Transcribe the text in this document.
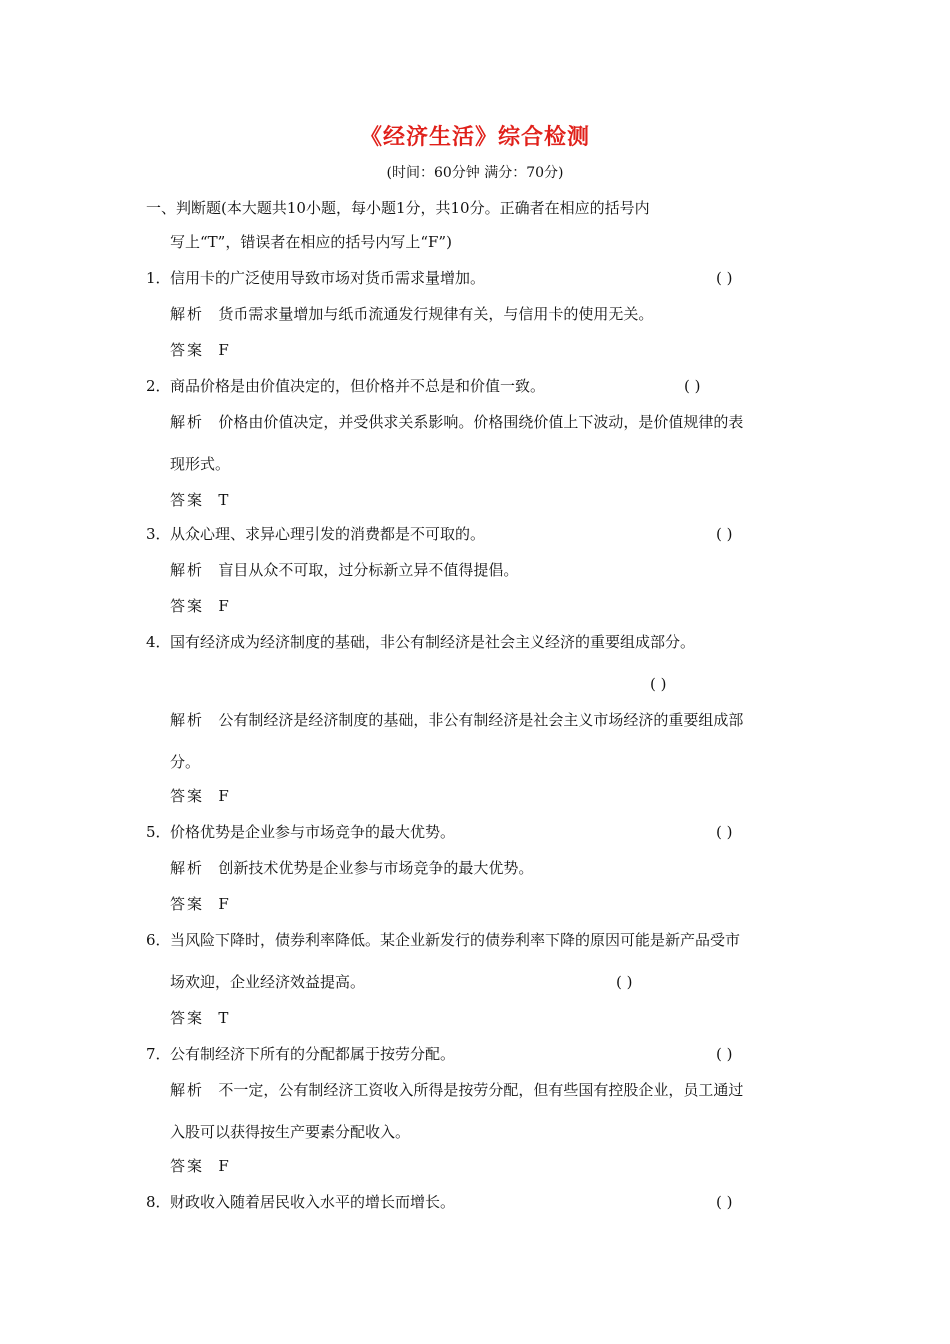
《经济生活》综合检测
(时间：60分钟 满分：70分)
一、判断题(本大题共10小题，每小题1分，共10分。正确者在相应的括号内
写上“T”，错误者在相应的括号内写上“F”)
1． 信用卡的广泛使用导致市场对货币需求量增加。	( )
解析 货币需求量增加与纸币流通发行规律有关，与信用卡的使用无关。
答案 F
2． 商品价格是由价值决定的，但价格并不总是和价值一致。	( )
解析 价格由价值决定，并受供求关系影响。价格围绕价值上下波动，是价值规律的表
现形式。
答案 T
3． 从众心理、求异心理引发的消费都是不可取的。	( )
解析 盲目从众不可取，过分标新立异不值得提倡。
答案 F
4． 国有经济成为经济制度的基础，非公有制经济是社会主义经济的重要组成部分。
( )
解析 公有制经济是经济制度的基础，非公有制经济是社会主义市场经济的重要组成部
分。
答案 F
5． 价格优势是企业参与市场竞争的最大优势。	( )
解析 创新技术优势是企业参与市场竞争的最大优势。
答案 F
6． 当风险下降时，债券利率降低。某企业新发行的债券利率下降的原因可能是新产品受市
场欢迎，企业经济效益提高。	( )
答案 T
7． 公有制经济下所有的分配都属于按劳分配。	( )
解析 不一定，公有制经济工资收入所得是按劳分配，但有些国有控股企业，员工通过
入股可以获得按生产要素分配收入。
答案 F
8． 财政收入随着居民收入水平的增长而增长。	( )
